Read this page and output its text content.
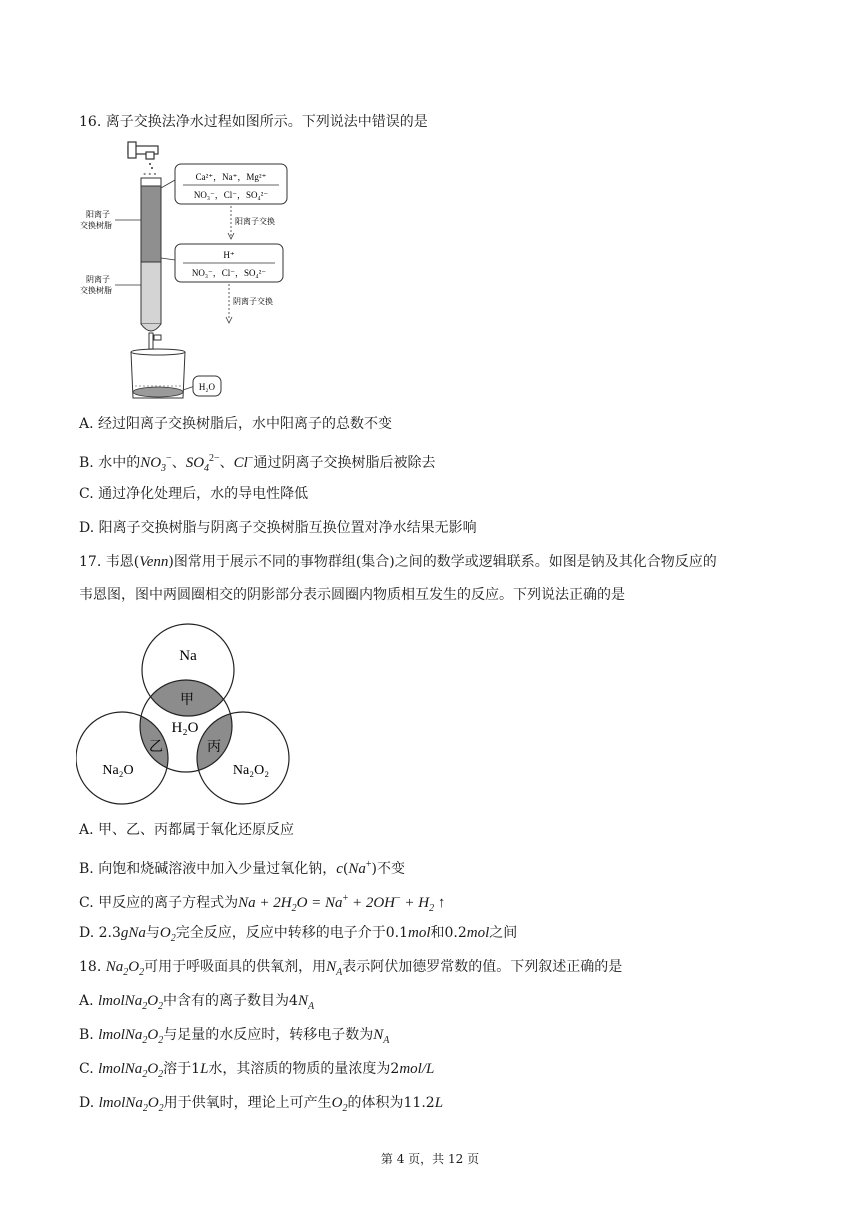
16. 离子交换法净水过程如图所示。下列说法中错误的是
∘ ∘ ∘
阳离子
交换树脂
阴离子
交换树脂
Ca²⁺，Na⁺，Mg²⁺
NO₃⁻，Cl⁻，SO₄²⁻
阳离子交换
H⁺
NO₃⁻，Cl⁻，SO₄²⁻
阴离子交换
H₂O
A. 经过阳离子交换树脂后，水中阳离子的总数不变
B. 水中的$NO_3^-$、$SO_4^{2-}$、Cl−通过阴离子交换树脂后被除去
C. 通过净化处理后，水的导电性降低
D. 阳离子交换树脂与阴离子交换树脂互换位置对净水结果无影响
17. 韦恩(Venn)图常用于展示不同的事物群组(集合)之间的数学或逻辑联系。如图是钠及其化合物反应的
韦恩图，图中两圆圈相交的阴影部分表示圆圈内物质相互发生的反应。下列说法正确的是
Na
H₂O
Na₂O	Na₂O₂
甲
乙	丙
A. 甲、乙、丙都属于氧化还原反应
B. 向饱和烧碱溶液中加入少量过氧化钠，c(Na+)不变
C. 甲反应的离子方程式为$Na + 2H_2O = Na^+ + 2OH^- + H_2$ ↑
D. 2.3gNa与$O_2$完全反应，反应中转移的电子介于0.1mol和0.2mol之间
18. $Na_2O_2$可用于呼吸面具的供氧剂，用$N_A$表示阿伏加德罗常数的值。下列叙述正确的是
A. $lmolNa_2O_2$中含有的离子数目为$4N_A$
B. $lmolNa_2O_2$与足量的水反应时，转移电子数为$N_A$
C. $lmolNa_2O_2$溶于1L水，其溶质的物质的量浓度为2mol/L
D. $lmolNa_2O_2$用于供氧时，理论上可产生$O_2$的体积为11.2L
第 4 页，共 12 页
